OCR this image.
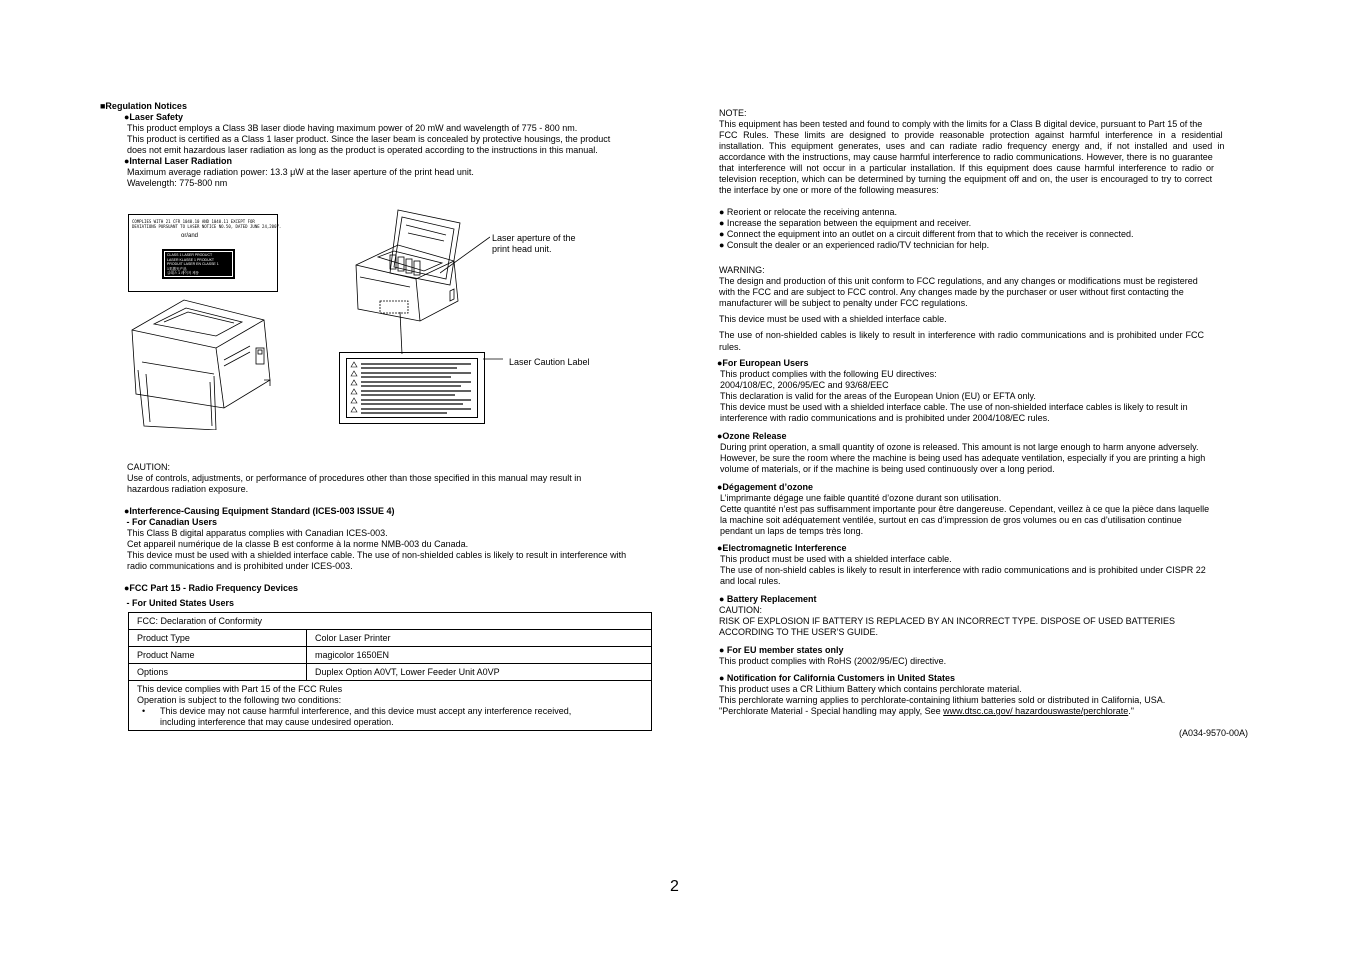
■Regulation Notices
●Laser Safety
This product employs a Class 3B laser diode having maximum power of 20 mW and wavelength of 775 - 800 nm.
This product is certified as a Class 1 laser product. Since the laser beam is concealed by protective housings, the product
does not emit hazardous laser radiation as long as the product is operated according to the instructions in this manual.
●Internal Laser Radiation
Maximum average radiation power: 13.3 μW at the laser aperture of the print head unit.
Wavelength: 775-800 nm
COMPLIES WITH 21 CFR 1040.10 AND 1040.11 EXCEPT FOR
DEVIATIONS PURSUANT TO LASER NOTICE NO.50, DATED JUNE 24,2007.
or/and
CLASS 1 LASER PRODUCT
LASER KLASSE 1 PRODUKT
PRODUIT LASER EN CLASSE 1
1类激光产品
클래스 1 레이저 제품
Laser aperture of the
print head unit.
Laser Caution Label
CAUTION:
Use of controls, adjustments, or performance of procedures other than those specified in this manual may result in
hazardous radiation exposure.
●Interference-Causing Equipment Standard (ICES-003 ISSUE 4)
- For Canadian Users
This Class B digital apparatus complies with Canadian ICES-003.
Cet appareil numérique de la classe B est conforme à la norme NMB-003 du Canada.
This device must be used with a shielded interface cable. The use of non-shielded cables is likely to result in interference with
radio communications and is prohibited under ICES-003.
●FCC Part 15 - Radio Frequency Devices
- For United States Users
FCC: Declaration of Conformity	
Product Type	Color Laser Printer
Product Name	magicolor 1650EN
Options	Duplex Option A0VT, Lower Feeder Unit A0VP

This device complies with Part 15 of the FCC Rules
Operation is subject to the following two conditions:
• This device may not cause harmful interference, and this device must accept any interference received,
including interference that may cause undesired operation.	
NOTE:
This equipment has been tested and found to comply with the limits for a Class B digital device, pursuant to Part 15 of the
FCC Rules. These limits are designed to provide reasonable protection against harmful interference in a residential
installation. This equipment generates, uses and can radiate radio frequency energy and, if not installed and used in
accordance with the instructions, may cause harmful interference to radio communications. However, there is no guarantee
that interference will not occur in a particular installation. If this equipment does cause harmful interference to radio or
television reception, which can be determined by turning the equipment off and on, the user is encouraged to try to correct
the interface by one or more of the following measures:
● Reorient or relocate the receiving antenna.
● Increase the separation between the equipment and receiver.
● Connect the equipment into an outlet on a circuit different from that to which the receiver is connected.
● Consult the dealer or an experienced radio/TV technician for help.
WARNING:
The design and production of this unit conform to FCC regulations, and any changes or modifications must be registered
with the FCC and are subject to FCC control. Any changes made by the purchaser or user without first contacting the
manufacturer will be subject to penalty under FCC regulations.
This device must be used with a shielded interface cable.
The use of non-shielded cables is likely to result in interference with radio communications and is prohibited under FCC
rules.
●For European Users
This product complies with the following EU directives:
2004/108/EC, 2006/95/EC and 93/68/EEC
This declaration is valid for the areas of the European Union (EU) or EFTA only.
This device must be used with a shielded interface cable. The use of non-shielded interface cables is likely to result in
interference with radio communications and is prohibited under 2004/108/EC rules.
●Ozone Release
During print operation, a small quantity of ozone is released. This amount is not large enough to harm anyone adversely.
However, be sure the room where the machine is being used has adequate ventilation, especially if you are printing a high
volume of materials, or if the machine is being used continuously over a long period.
●Dégagement d’ozone
L’imprimante dégage une faible quantité d’ozone durant son utilisation.
Cette quantité n’est pas suffisamment importante pour être dangereuse. Cependant, veillez à ce que la pièce dans laquelle
la machine soit adéquatement ventilée, surtout en cas d’impression de gros volumes ou en cas d’utilisation continue
pendant un laps de temps très long.
●Electromagnetic Interference
This product must be used with a shielded interface cable.
The use of non-shield cables is likely to result in interference with radio communications and is prohibited under CISPR 22
and local rules.
● Battery Replacement
CAUTION:
RISK OF EXPLOSION IF BATTERY IS REPLACED BY AN INCORRECT TYPE. DISPOSE OF USED BATTERIES
ACCORDING TO THE USER’S GUIDE.
● For EU member states only
This product complies with RoHS (2002/95/EC) directive.
● Notification for California Customers in United States
This product uses a CR Lithium Battery which contains perchlorate material.
This perchlorate warning applies to perchlorate-containing lithium batteries sold or distributed in California, USA.
"Perchlorate Material - Special handling may apply, See www.dtsc.ca.gov/ hazardouswaste/perchlorate."
(A034-9570-00A)
2
